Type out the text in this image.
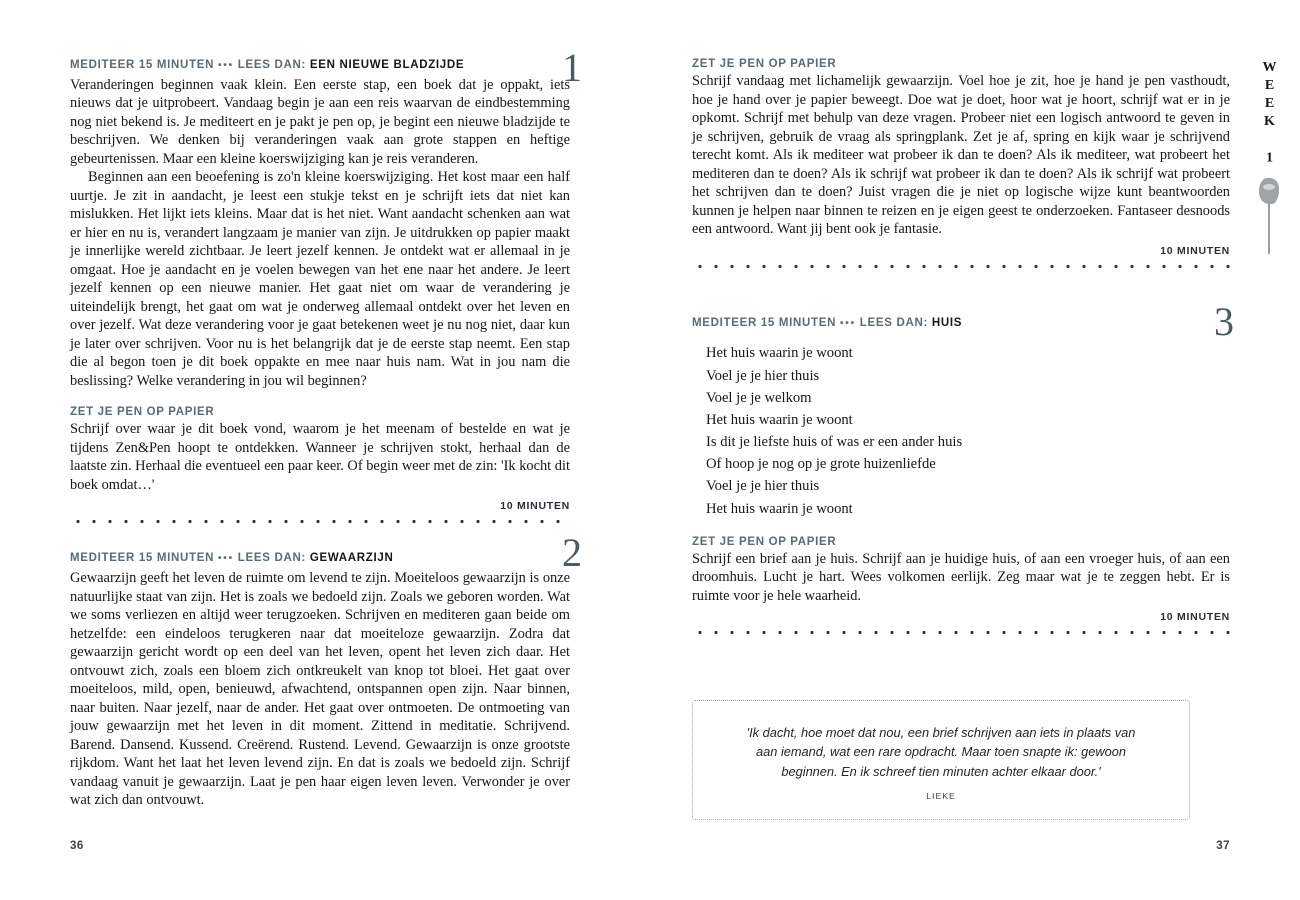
1

MEDITEER 15 MINUTEN ••• LEES DAN: EEN NIEUWE BLADZIJDE

Veranderingen beginnen vaak klein. Een eerste stap, een boek dat je oppakt, iets nieuws dat je uitprobeert. Vandaag begin je aan een reis waarvan de eindbestemming nog niet bekend is. Je mediteert en je pakt je pen op, je begint een nieuwe bladzijde te beschrijven. We denken bij veranderingen vaak aan grote stappen en heftige gebeurtenissen. Maar een kleine koerswijziging kan je reis veranderen.

Beginnen aan een beoefening is zo'n kleine koerswijziging. Het kost maar een half uurtje. Je zit in aandacht, je leest een stukje tekst en je schrijft iets dat niet kan mislukken. Het lijkt iets kleins. Maar dat is het niet. Want aandacht schenken aan wat er hier en nu is, verandert langzaam je manier van zijn. Je uitdrukken op papier maakt je innerlijke wereld zichtbaar. Je leert jezelf kennen. Je ontdekt wat er allemaal in je omgaat. Hoe je aandacht en je voelen bewegen van het ene naar het andere. Je leert jezelf kennen op een nieuwe manier. Het gaat niet om waar de verandering je uiteindelijk brengt, het gaat om wat je onderweg allemaal ontdekt over het leven en over jezelf. Wat deze verandering voor je gaat betekenen weet je nu nog niet, daar kun je later over schrijven. Voor nu is het belangrijk dat je de eerste stap neemt. Een stap die al begon toen je dit boek oppakte en mee naar huis nam. Wat in jou nam die beslissing? Welke verandering in jou wil beginnen?

ZET JE PEN OP PAPIER

Schrijf over waar je dit boek vond, waarom je het meenam of bestelde en wat je tijdens Zen&Pen hoopt te ontdekken. Wanneer je schrijven stokt, herhaal dan de laatste zin. Herhaal die eventueel een paar keer. Of begin weer met de zin: 'Ik kocht dit boek omdat…'

10 MINUTEN

2

MEDITEER 15 MINUTEN ••• LEES DAN: GEWAARZIJN

Gewaarzijn geeft het leven de ruimte om levend te zijn. Moeiteloos gewaarzijn is onze natuurlijke staat van zijn. Het is zoals we bedoeld zijn. Zoals we geboren worden. Wat we soms verliezen en altijd weer terugzoeken. Schrijven en mediteren gaan beide om hetzelfde: een eindeloos terugkeren naar dat moeiteloze gewaarzijn. Zodra dat gewaarzijn gericht wordt op een deel van het leven, opent het leven zich daar. Het ontvouwt zich, zoals een bloem zich ontkreukelt van knop tot bloei. Het gaat over moeiteloos, mild, open, benieuwd, afwachtend, ontspannen open zijn. Naar binnen, naar buiten. Naar jezelf, naar de ander. Het gaat over ontmoeten. De ontmoeting van jouw gewaarzijn met het leven in dit moment. Zittend in meditatie. Schrijvend. Barend. Dansend. Kussend. Creërend. Rustend. Levend. Gewaarzijn is onze grootste rijkdom. Want het laat het leven levend zijn. En dat is zoals we bedoeld zijn. Schrijf vandaag vanuit je gewaarzijn. Laat je pen haar eigen leven leven. Verwonder je over wat zich dan ontvouwt.

36

ZET JE PEN OP PAPIER

Schrijf vandaag met lichamelijk gewaarzijn. Voel hoe je zit, hoe je hand je pen vasthoudt, hoe je hand over je papier beweegt. Doe wat je doet, hoor wat je hoort, schrijf wat er in je opkomt. Schrijf met behulp van deze vragen. Probeer niet een logisch antwoord te geven in je schrijven, gebruik de vraag als springplank. Zet je af, spring en kijk waar je schrijvend terecht komt. Als ik mediteer wat probeer ik dan te doen? Als ik mediteer, wat probeert het mediteren dan te doen? Als ik schrijf wat probeer ik dan te doen? Als ik schrijf wat probeert het schrijven dan te doen? Juist vragen die je niet op logische wijze kunt beantwoorden kunnen je helpen naar binnen te reizen en je eigen geest te onderzoeken. Fantaseer desnoods een antwoord. Want jij bent ook je fantasie.

10 MINUTEN

3

MEDITEER 15 MINUTEN ••• LEES DAN: HUIS

Het huis waarin je woont
Voel je je hier thuis
Voel je je welkom
Het huis waarin je woont
Is dit je liefste huis of was er een ander huis
Of hoop je nog op je grote huizenliefde
Voel je je hier thuis
Het huis waarin je woont

ZET JE PEN OP PAPIER

Schrijf een brief aan je huis. Schrijf aan je huidige huis, of aan een vroeger huis, of aan een droomhuis. Lucht je hart. Wees volkomen eerlijk. Zeg maar wat je te zeggen hebt. Er is ruimte voor je hele waarheid.

10 MINUTEN

'Ik dacht, hoe moet dat nou, een brief schrijven aan iets in plaats van aan iemand, wat een rare opdracht. Maar toen snapte ik: gewoon beginnen. En ik schreef tien minuten achter elkaar door.'

LIEKE

WEEK 1
37
